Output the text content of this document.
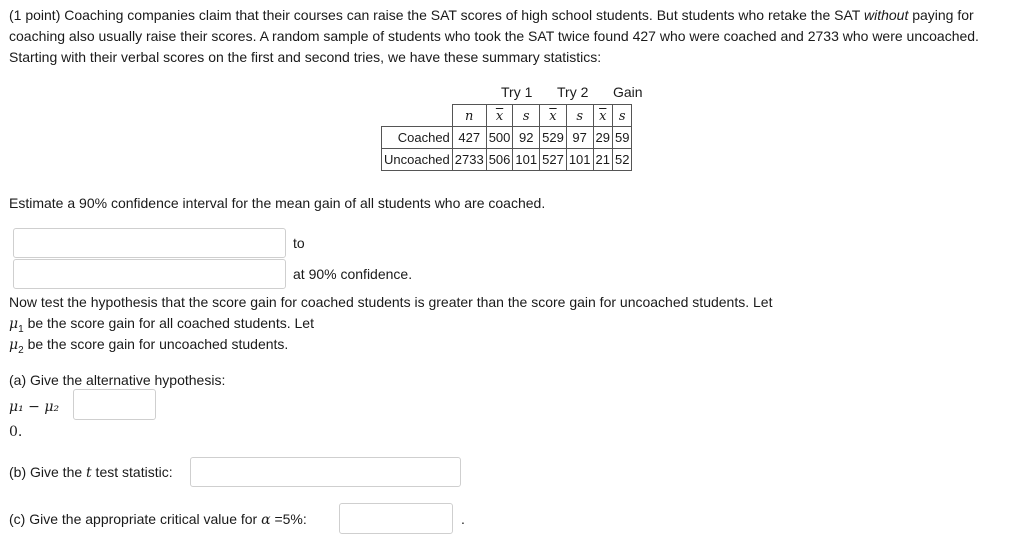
(1 point) Coaching companies claim that their courses can raise the SAT scores of high school students. But students who retake the SAT without paying for coaching also usually raise their scores. A random sample of students who took the SAT twice found 427 who were coached and 2733 who were uncoached. Starting with their verbal scores on the first and second tries, we have these summary statistics:
Try 1 Try 2 Gain
	n	$\overline{x}$	s	$\overline{x}$	s	$\overline{x}$	s
Coached	427	500	92	529	97	29	59
Uncoached	2733	506	101	527	101	21	52
Estimate a 90% confidence interval for the mean gain of all students who are coached.
to
at 90% confidence.
Now test the hypothesis that the score gain for coached students is greater than the score gain for uncoached students. Let
$\mu_1$ be the score gain for all coached students. Let
$\mu_2$ be the score gain for uncoached students.
(a) Give the alternative hypothesis:
μ₁ − μ₂
0.
(b) Give the t test statistic:
(c) Give the appropriate critical value for α =5%:	.
